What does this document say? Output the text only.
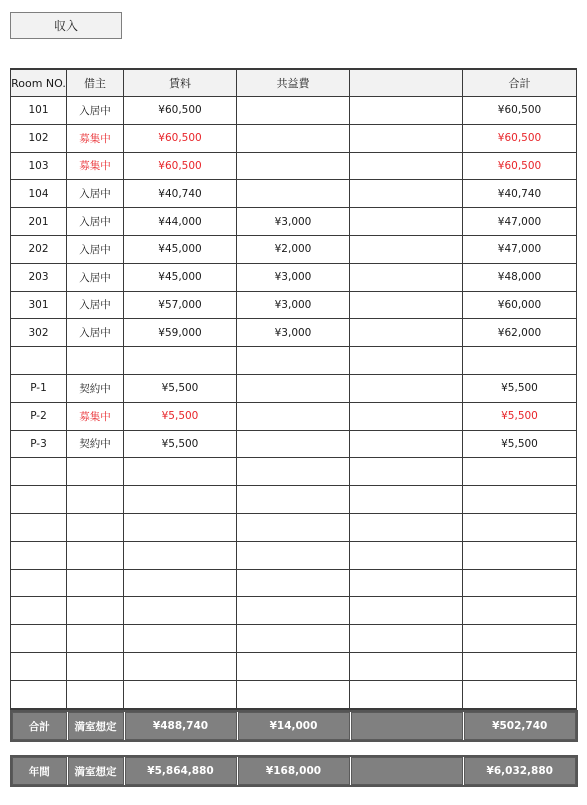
収入
Room NO.	借主	賃料	共益費		合計
101	入居中	¥60,500			¥60,500
102	募集中	¥60,500			¥60,500
103	募集中	¥60,500			¥60,500
104	入居中	¥40,740			¥40,740
201	入居中	¥44,000	¥3,000		¥47,000
202	入居中	¥45,000	¥2,000		¥47,000
203	入居中	¥45,000	¥3,000		¥48,000
301	入居中	¥57,000	¥3,000		¥60,000
302	入居中	¥59,000	¥3,000		¥62,000

P-1	契約中	¥5,500			¥5,500
P-2	募集中	¥5,500			¥5,500
P-3	契約中	¥5,500			¥5,500

合計	満室想定	¥488,740	¥14,000		¥502,740
年間	満室想定	¥5,864,880	¥168,000		¥6,032,880
